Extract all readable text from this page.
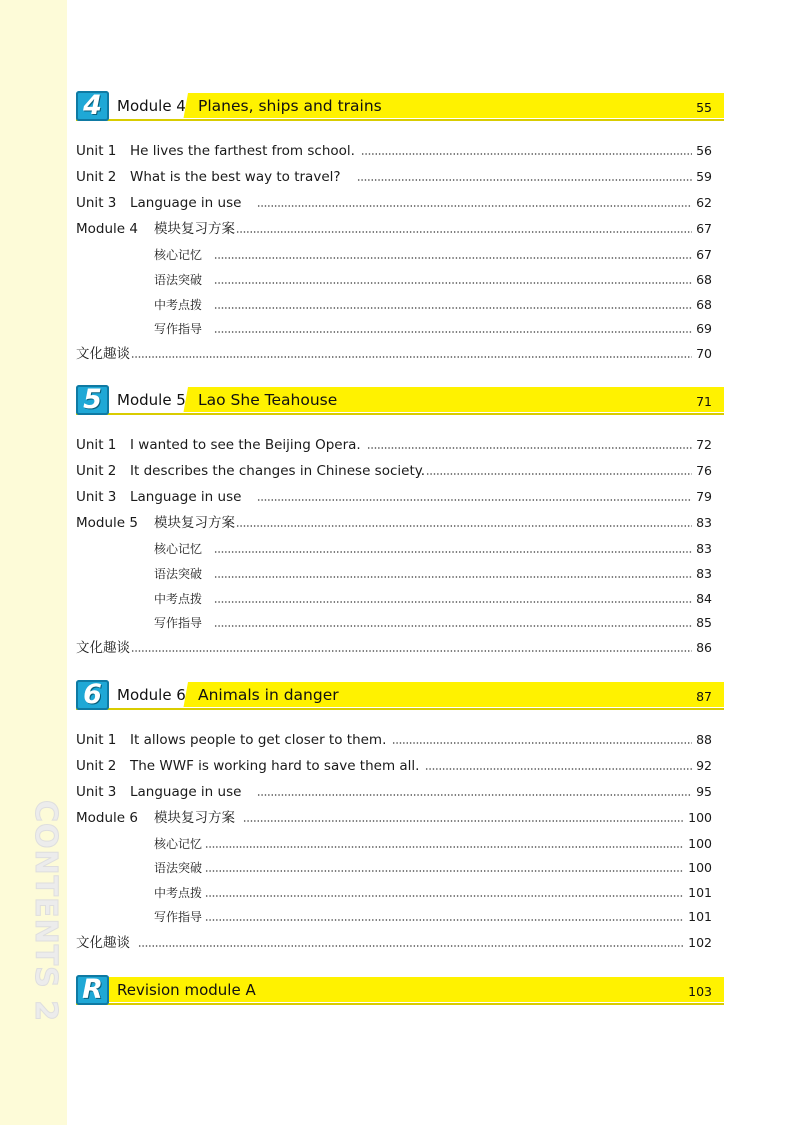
CONTENTS 2
4	Module 4 Planes, ships and trains	55
Unit 1	He lives the farthest from school.	56
Unit 2	What is the best way to travel?	59
Unit 3	Language in use	62
Module 4	模块复习方案	67
核心记忆	67
语法突破	68
中考点拨	68
写作指导	69
文化趣谈	70
5	Module 5 Lao She Teahouse	71
Unit 1	I wanted to see the Beijing Opera.	72
Unit 2	It describes the changes in Chinese society.	76
Unit 3	Language in use	79
Module 5	模块复习方案	83
核心记忆	83
语法突破	83
中考点拨	84
写作指导	85
文化趣谈	86
6	Module 6 Animals in danger	87
Unit 1	It allows people to get closer to them.	88
Unit 2	The WWF is working hard to save them all.	92
Unit 3	Language in use	95
Module 6	模块复习方案	100
核心记忆	100
语法突破	100
中考点拨	101
写作指导	101
文化趣谈	102
R Revision module A	103
